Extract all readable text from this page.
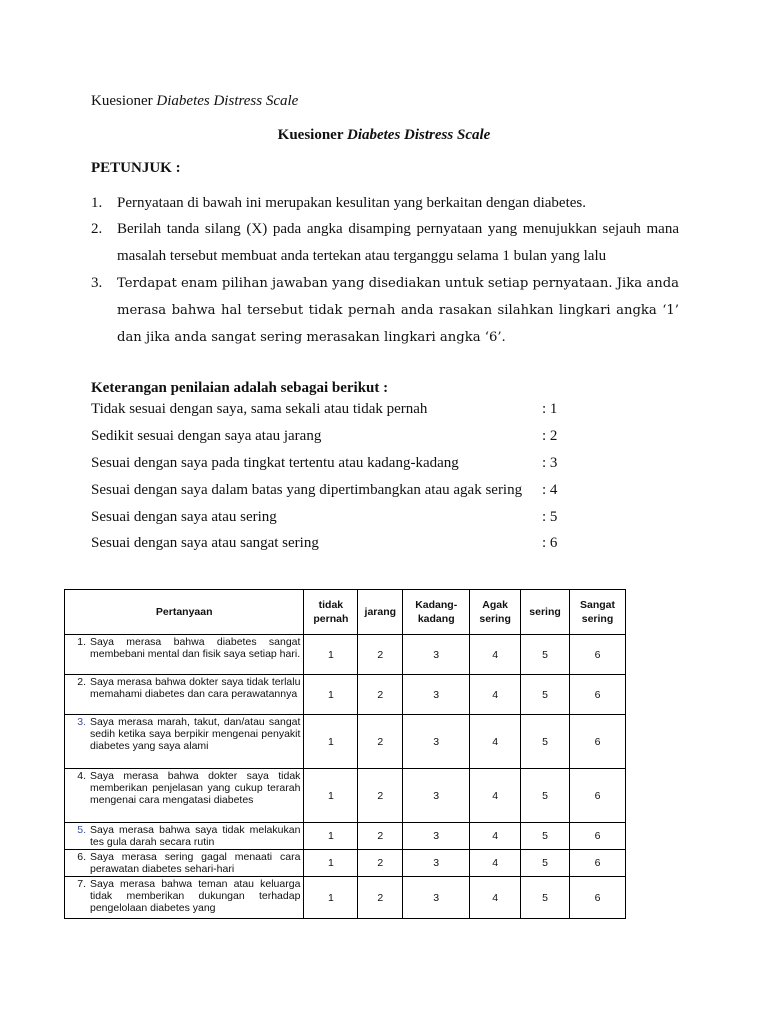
Kuesioner Diabetes Distress Scale
Kuesioner Diabetes Distress Scale
PETUNJUK :
1. Pernyataan di bawah ini merupakan kesulitan yang berkaitan dengan diabetes.
2. Berilah tanda silang (X) pada angka disamping pernyataan yang menujukkan sejauh mana masalah tersebut membuat anda tertekan atau terganggu selama 1 bulan yang lalu
3.	Terdapat enam pilihan jawaban yang disediakan untuk setiap pernyataan. Jika anda merasa bahwa hal tersebut tidak pernah anda rasakan silahkan lingkari angka ‘1’ dan jika anda sangat sering merasakan lingkari angka ‘6’.
Keterangan penilaian adalah sebagai berikut :
Tidak sesuai dengan saya, sama sekali atau tidak pernah	: 1
Sedikit sesuai dengan saya atau jarang	: 2
Sesuai dengan saya pada tingkat tertentu atau kadang-kadang	: 3
Sesuai dengan saya dalam batas yang dipertimbangkan atau agak sering : 4
Sesuai dengan saya atau sering	: 5
Sesuai dengan saya atau sangat sering	: 6
Pertanyaan	tidak pernah	jarang	Kadang-kadang	Agak sering	sering	Sangat sering

1. Saya merasa bahwa diabetes sangat membebani mental dan fisik saya setiap hari.	1	2	3	4	5	6

2. Saya merasa bahwa dokter saya tidak terlalu memahami diabetes dan cara perawatannya	1	2	3	4	5	6

3. Saya merasa marah, takut, dan/atau sangat sedih ketika saya berpikir mengenai penyakit diabetes yang saya alami	1	2	3	4	5	6

4. Saya merasa bahwa dokter saya tidak memberikan penjelasan yang cukup terarah mengenai cara mengatasi diabetes	1	2	3	4	5	6

5. Saya merasa bahwa saya tidak melakukan tes gula darah secara rutin	1	2	3	4	5	6

6. Saya merasa sering gagal menaati cara perawatan diabetes sehari-hari	1	2	3	4	5	6

7. Saya merasa bahwa teman atau keluarga tidak memberikan dukungan terhadap pengelolaan diabetes yang	1	2	3	4	5	6
